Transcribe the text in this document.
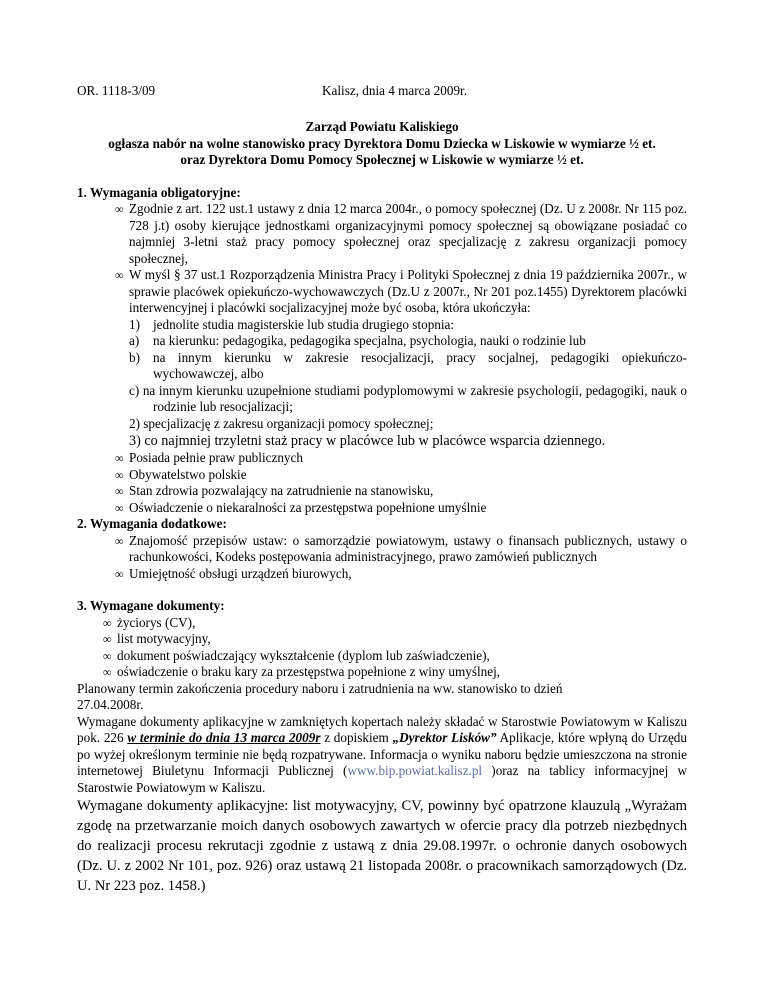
OR. 1118-3/09	Kalisz, dnia 4 marca 2009r.
Zarząd Powiatu Kaliskiego
ogłasza nabór na wolne stanowisko pracy Dyrektora Domu Dziecka w Liskowie w wymiarze ½ et.
oraz Dyrektora Domu Pomocy Społecznej w Liskowie w wymiarze ½ et.
1. Wymagania obligatoryjne:
∞ Zgodnie z art. 122 ust.1 ustawy z dnia 12 marca 2004r., o pomocy społecznej (Dz. U z 2008r. Nr 115 poz. 728 j.t) osoby kierujące jednostkami organizacyjnymi pomocy społecznej są obowiązane posiadać co najmniej 3-letni staż pracy pomocy społecznej oraz specjalizację z zakresu organizacji pomocy społecznej,
∞ W myśl § 37 ust.1 Rozporządzenia Ministra Pracy i Polityki Społecznej z dnia 19 października 2007r., w sprawie placówek opiekuńczo-wychowawczych (Dz.U z 2007r., Nr 201 poz.1455) Dyrektorem placówki interwencyjnej i placówki socjalizacyjnej może być osoba, która ukończyła:
1) jednolite studia magisterskie lub studia drugiego stopnia:
a)	na kierunku: pedagogika, pedagogika specjalna, psychologia, nauki o rodzinie lub
b) na innym kierunku w zakresie resocjalizacji, pracy socjalnej, pedagogiki opiekuńczo-wychowawczej, albo
c) na innym kierunku uzupełnione studiami podyplomowymi w zakresie psychologii, pedagogiki, nauk o rodzinie lub resocjalizacji;
2) specjalizację z zakresu organizacji pomocy społecznej;
3) co najmniej trzyletni staż pracy w placówce lub w placówce wsparcia dziennego.
∞ Posiada pełnie praw publicznych
∞ Obywatelstwo polskie
∞ Stan zdrowia pozwalający na zatrudnienie na stanowisku,
∞ Oświadczenie o niekaralności za przestępstwa popełnione umyślnie
2. Wymagania dodatkowe:
∞ Znajomość przepisów ustaw: o samorządzie powiatowym, ustawy o finansach publicznych, ustawy o rachunkowości, Kodeks postępowania administracyjnego, prawo zamówień publicznych
∞ Umiejętność obsługi urządzeń biurowych,
3. Wymagane dokumenty:
∞ życiorys (CV),
∞ list motywacyjny,
∞ dokument poświadczający wykształcenie (dyplom lub zaświadczenie),
∞ oświadczenie o braku kary za przestępstwa popełnione z winy umyślnej,
Planowany termin zakończenia procedury naboru i zatrudnienia na ww. stanowisko to dzień 27.04.2008r.
Wymagane dokumenty aplikacyjne w zamkniętych kopertach należy składać w Starostwie Powiatowym w Kaliszu pok. 226 w terminie do dnia 13 marca 2009r z dopiskiem „Dyrektor Lisków” Aplikacje, które wpłyną do Urzędu po wyżej określonym terminie nie będą rozpatrywane. Informacja o wyniku naboru będzie umieszczona na stronie internetowej Biuletynu Informacji Publicznej (www.bip.powiat.kalisz.pl )oraz na tablicy informacyjnej w Starostwie Powiatowym w Kaliszu.
Wymagane dokumenty aplikacyjne: list motywacyjny, CV, powinny być opatrzone klauzulą „Wyrażam zgodę na przetwarzanie moich danych osobowych zawartych w ofercie pracy dla potrzeb niezbędnych do realizacji procesu rekrutacji zgodnie z ustawą z dnia 29.08.1997r. o ochronie danych osobowych (Dz. U. z 2002 Nr 101, poz. 926) oraz ustawą 21 listopada 2008r. o pracownikach samorządowych (Dz. U. Nr 223 poz. 1458.)
